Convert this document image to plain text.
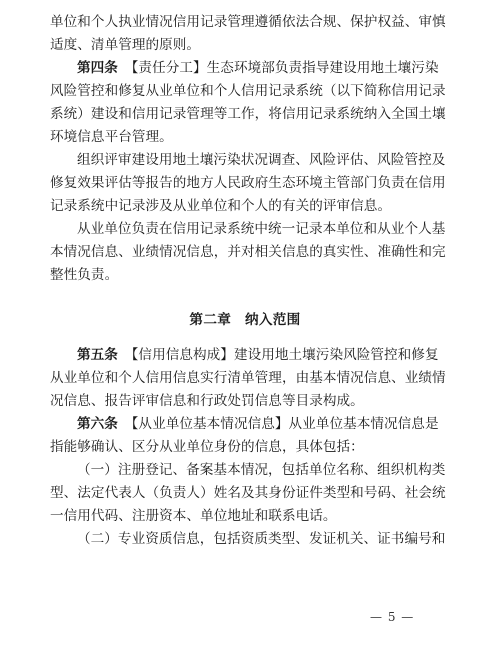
单位和个人执业情况信用记录管理遵循依法合规、保护权益、审慎

适度、清单管理的原则。

第四条　 【责任分工】生态环境部负责指导建设用地土壤污染

风险管控和修复从业单位和个人信用记录系统（以下简称信用记录

系统）建设和信用记录管理等工作，将信用记录系统纳入全国土壤

环境信息平台管理。

组织评审建设用地土壤污染状况调查、风险评估、风险管控及

修复效果评估等报告的地方人民政府生态环境主管部门负责在信用

记录系统中记录涉及从业单位和个人的有关的评审信息。

从业单位负责在信用记录系统中统一记录本单位和从业个人基

本情况信息、业绩情况信息，并对相关信息的真实性、准确性和完

整性负责。

第二章　纳入范围

第五条　 【信用信息构成】建设用地土壤污染风险管控和修复

从业单位和个人信用信息实行清单管理，由基本情况信息、业绩情

况信息、报告评审信息和行政处罚信息等目录构成。

第六条　 【从业单位基本情况信息】从业单位基本情况信息是

指能够确认、区分从业单位身份的信息，具体包括：

（一）注册登记、备案基本情况，包括单位名称、组织机构类

型、法定代表人（负责人）姓名及其身份证件类型和号码、社会统

一信用代码、注册资本、单位地址和联系电话。

（二）专业资质信息，包括资质类型、发证机关、证书编号和

— 5 —
